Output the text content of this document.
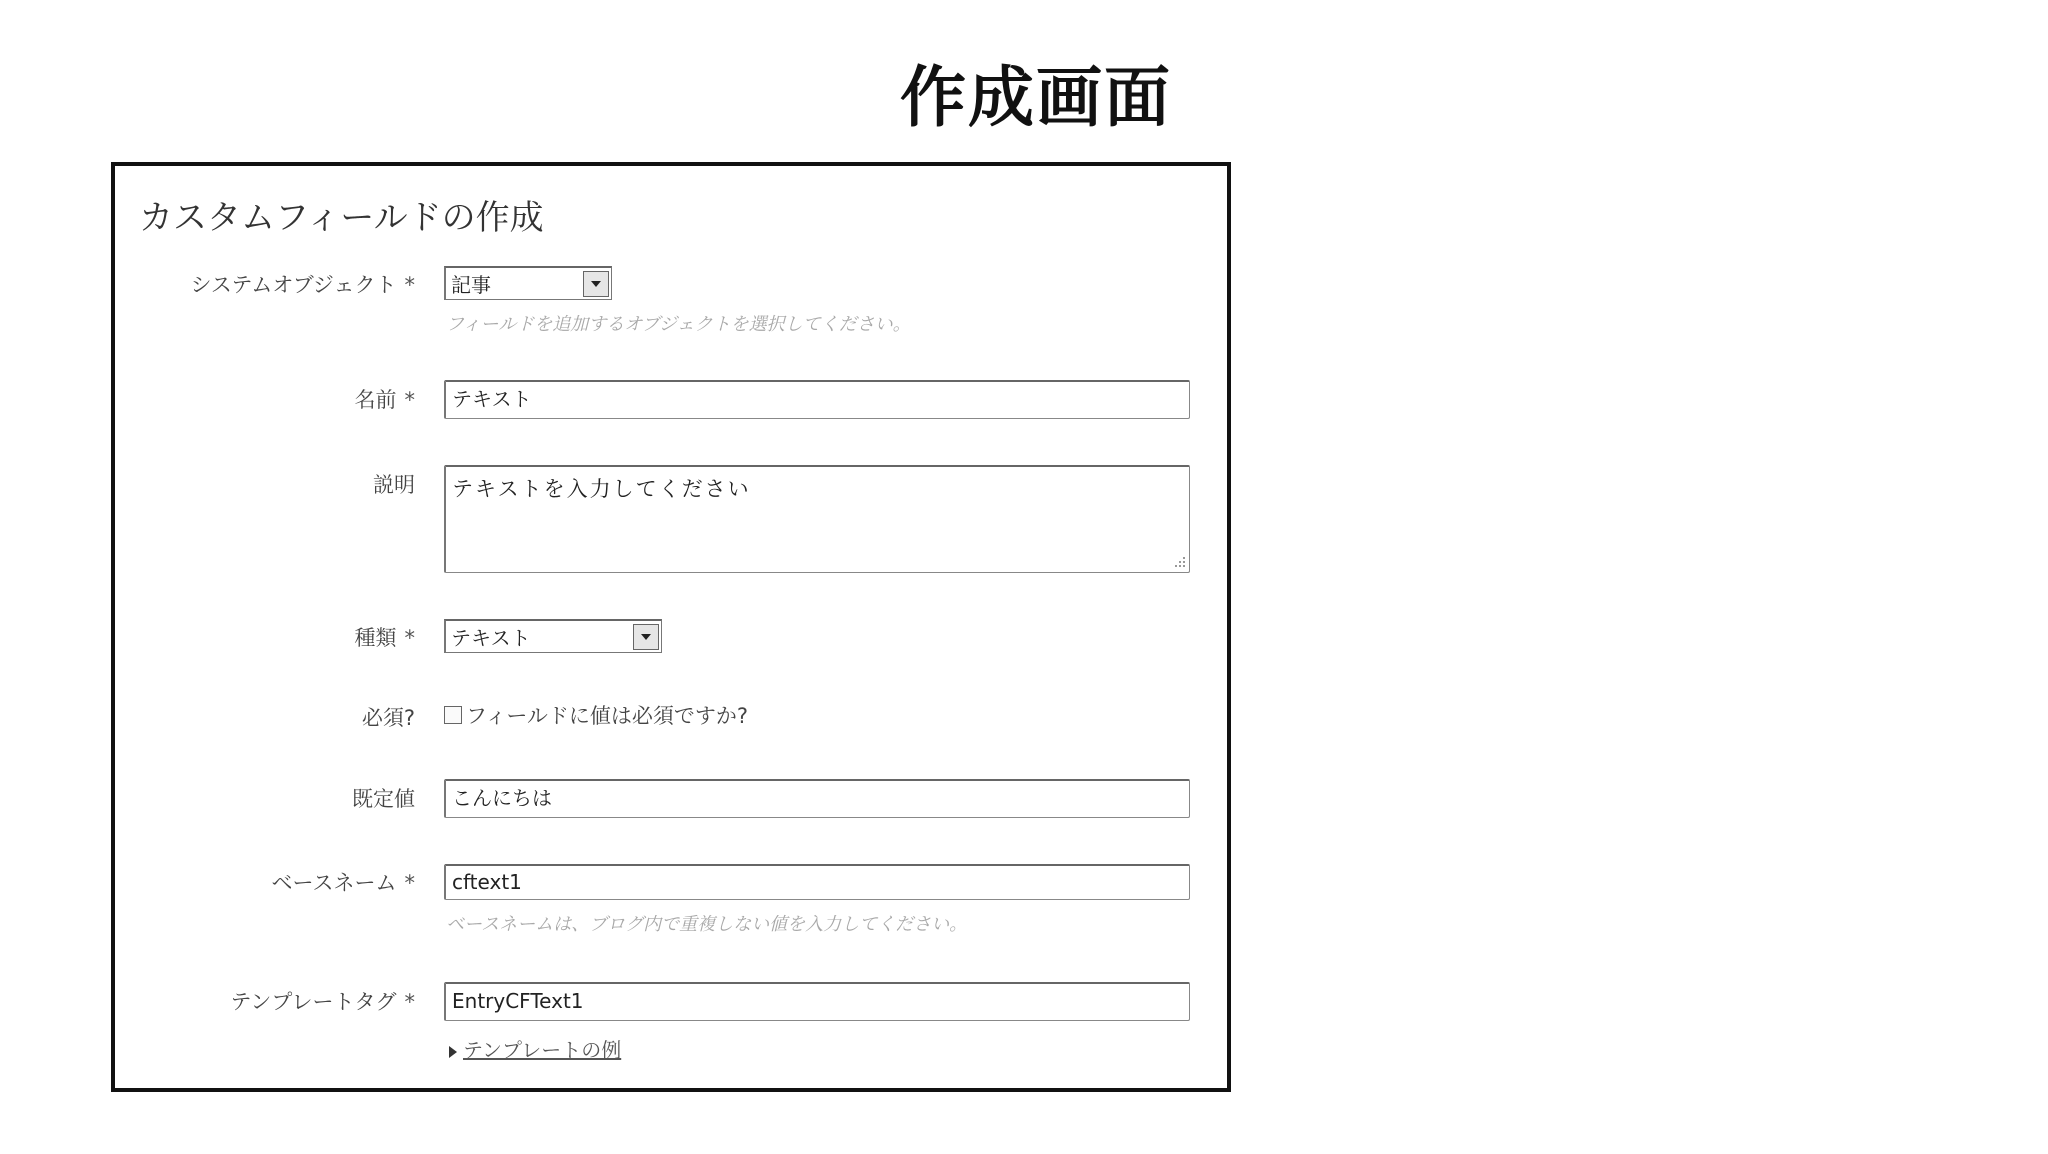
作成画面
カスタムフィールドの作成
システムオブジェクト * 記事
フィールドを追加するオブジェクトを選択してください。
名前 *	テキスト
説明	テキストを入力してください
種類 * テキスト
必須?	フィールドに値は必須ですか?
既定値	こんにちは
ベースネーム *	cftext1
ベースネームは、ブログ内で重複しない値を入力してください。
テンプレートタグ *	EntryCFText1
テンプレートの例
